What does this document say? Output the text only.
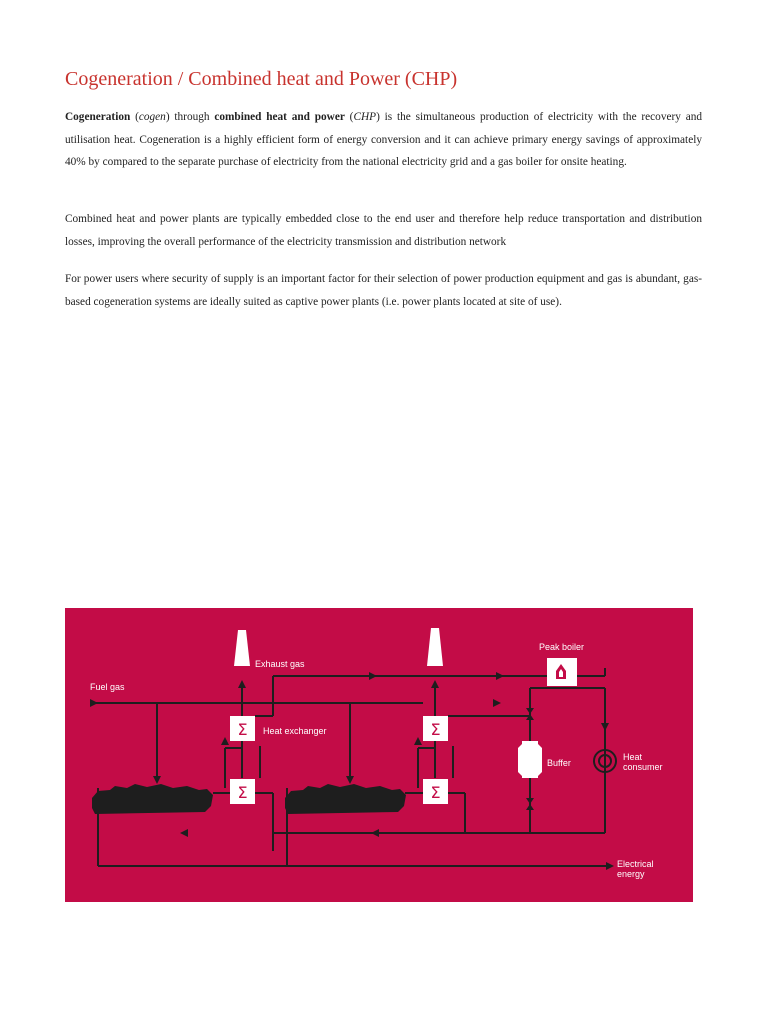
Cogeneration / Combined heat and Power (CHP)

Cogeneration (cogen) through combined heat and power (CHP) is the simultaneous production of electricity with the recovery and utilisation heat. Cogeneration is a highly efficient form of energy conversion and it can achieve primary energy savings of approximately 40% by compared to the separate purchase of electricity from the national electricity grid and a gas boiler for onsite heating.

Combined heat and power plants are typically embedded close to the end user and therefore help reduce transportation and distribution losses, improving the overall performance of the electricity transmission and distribution network

For power users where security of supply is an important factor for their selection of power production equipment and gas is abundant, gas-based cogeneration systems are ideally suited as captive power plants (i.e. power plants located at site of use).

Σ
Σ
Σ
Σ
Exhaust gas
Fuel gas
Heat exchanger
Peak boiler
Buffer
Heat
consumer
Electrical
energy
